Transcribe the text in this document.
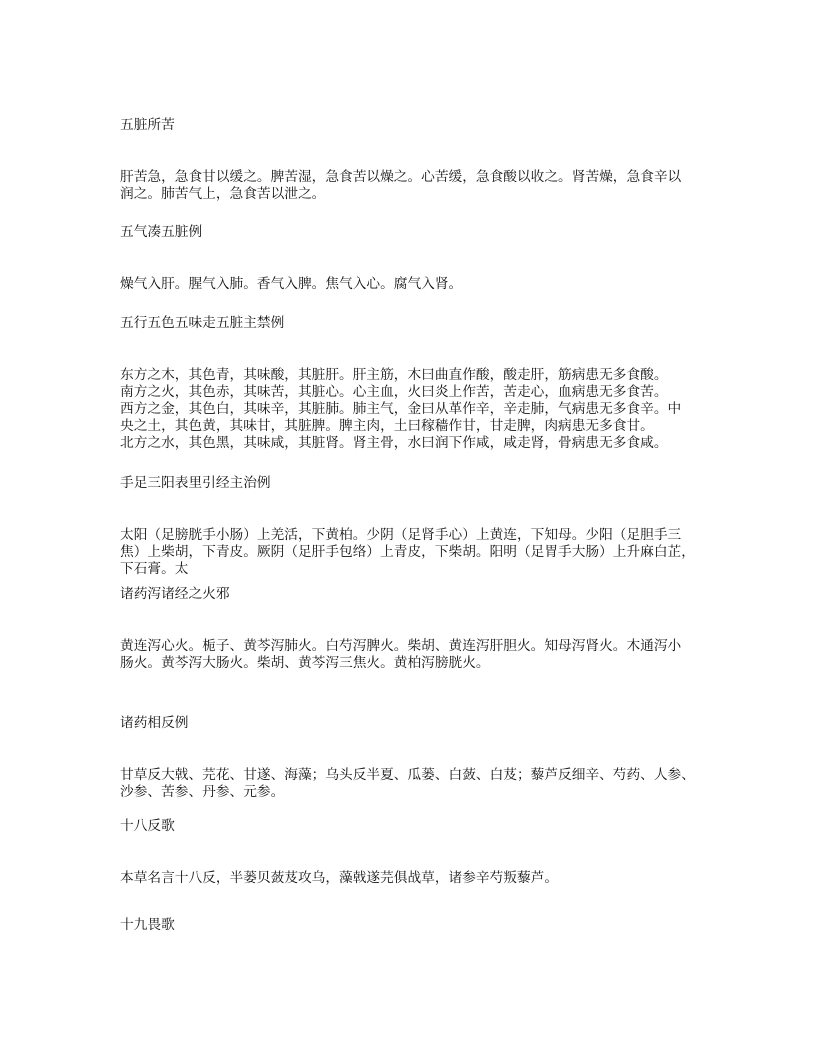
五脏所苦
肝苦急，急食甘以缓之。脾苦湿，急食苦以燥之。心苦缓，急食酸以收之。肾苦燥，急食辛以
润之。肺苦气上，急食苦以泄之。
五气凑五脏例
燥气入肝。腥气入肺。香气入脾。焦气入心。腐气入肾。
五行五色五味走五脏主禁例
东方之木，其色青，其味酸，其脏肝。肝主筋，木曰曲直作酸，酸走肝，筋病患无多食酸。
南方之火，其色赤，其味苦，其脏心。心主血，火曰炎上作苦，苦走心，血病患无多食苦。
西方之金，其色白，其味辛，其脏肺。肺主气，金曰从革作辛，辛走肺，气病患无多食辛。中
央之土，其色黄，其味甘，其脏脾。脾主肉，土曰稼穑作甘，甘走脾，肉病患无多食甘。
北方之水，其色黑，其味咸，其脏肾。肾主骨，水曰润下作咸，咸走肾，骨病患无多食咸。
手足三阳表里引经主治例
太阳（足膀胱手小肠）上羌活，下黄柏。少阴（足肾手心）上黄连，下知母。少阳（足胆手三
焦）上柴胡，下青皮。厥阴（足肝手包络）上青皮，下柴胡。阳明（足胃手大肠）上升麻白芷，
下石膏。太
诸药泻诸经之火邪
黄连泻心火。栀子、黄芩泻肺火。白芍泻脾火。柴胡、黄连泻肝胆火。知母泻肾火。木通泻小
肠火。黄芩泻大肠火。柴胡、黄芩泻三焦火。黄柏泻膀胱火。
诸药相反例
甘草反大戟、芫花、甘遂、海藻；乌头反半夏、瓜蒌、白蔹、白芨；藜芦反细辛、芍药、人参、
沙参、苦参、丹参、元参。
十八反歌
本草名言十八反，半蒌贝蔹芨攻乌，藻戟遂芫俱战草，诸参辛芍叛藜芦。
十九畏歌
